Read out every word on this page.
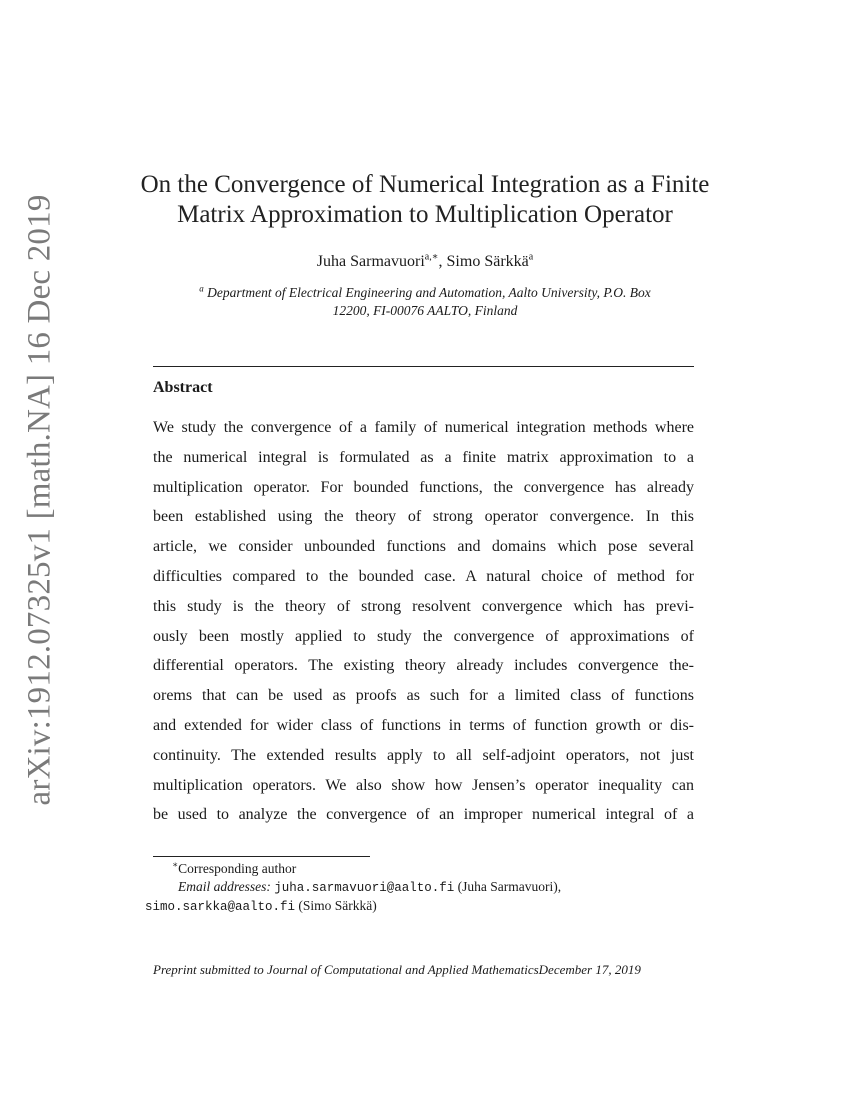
arXiv:1912.07325v1 [math.NA] 16 Dec 2019
On the Convergence of Numerical Integration as a Finite
Matrix Approximation to Multiplication Operator
Juha Sarmavuori$^{a,∗}$, Simo Särkkä$^a$
$^a$ Department of Electrical Engineering and Automation, Aalto University, P.O. Box
12200, FI-00076 AALTO, Finland
Abstract
We study the convergence of a family of numerical integration methods where
the numerical integral is formulated as a finite matrix approximation to a
multiplication operator. For bounded functions, the convergence has already
been established using the theory of strong operator convergence. In this
article, we consider unbounded functions and domains which pose several
difficulties compared to the bounded case. A natural choice of method for
this study is the theory of strong resolvent convergence which has previ-
ously been mostly applied to study the convergence of approximations of
differential operators. The existing theory already includes convergence the-
orems that can be used as proofs as such for a limited class of functions
and extended for wider class of functions in terms of function growth or dis-
continuity. The extended results apply to all self-adjoint operators, not just
multiplication operators. We also show how Jensen’s operator inequality can
be used to analyze the convergence of an improper numerical integral of a
∗Corresponding author
Email addresses: juha.sarmavuori@aalto.fi (Juha Sarmavuori),
simo.sarkka@aalto.fi (Simo Särkkä)
Preprint submitted to Journal of Computational and Applied MathematicsDecember 17, 2019
